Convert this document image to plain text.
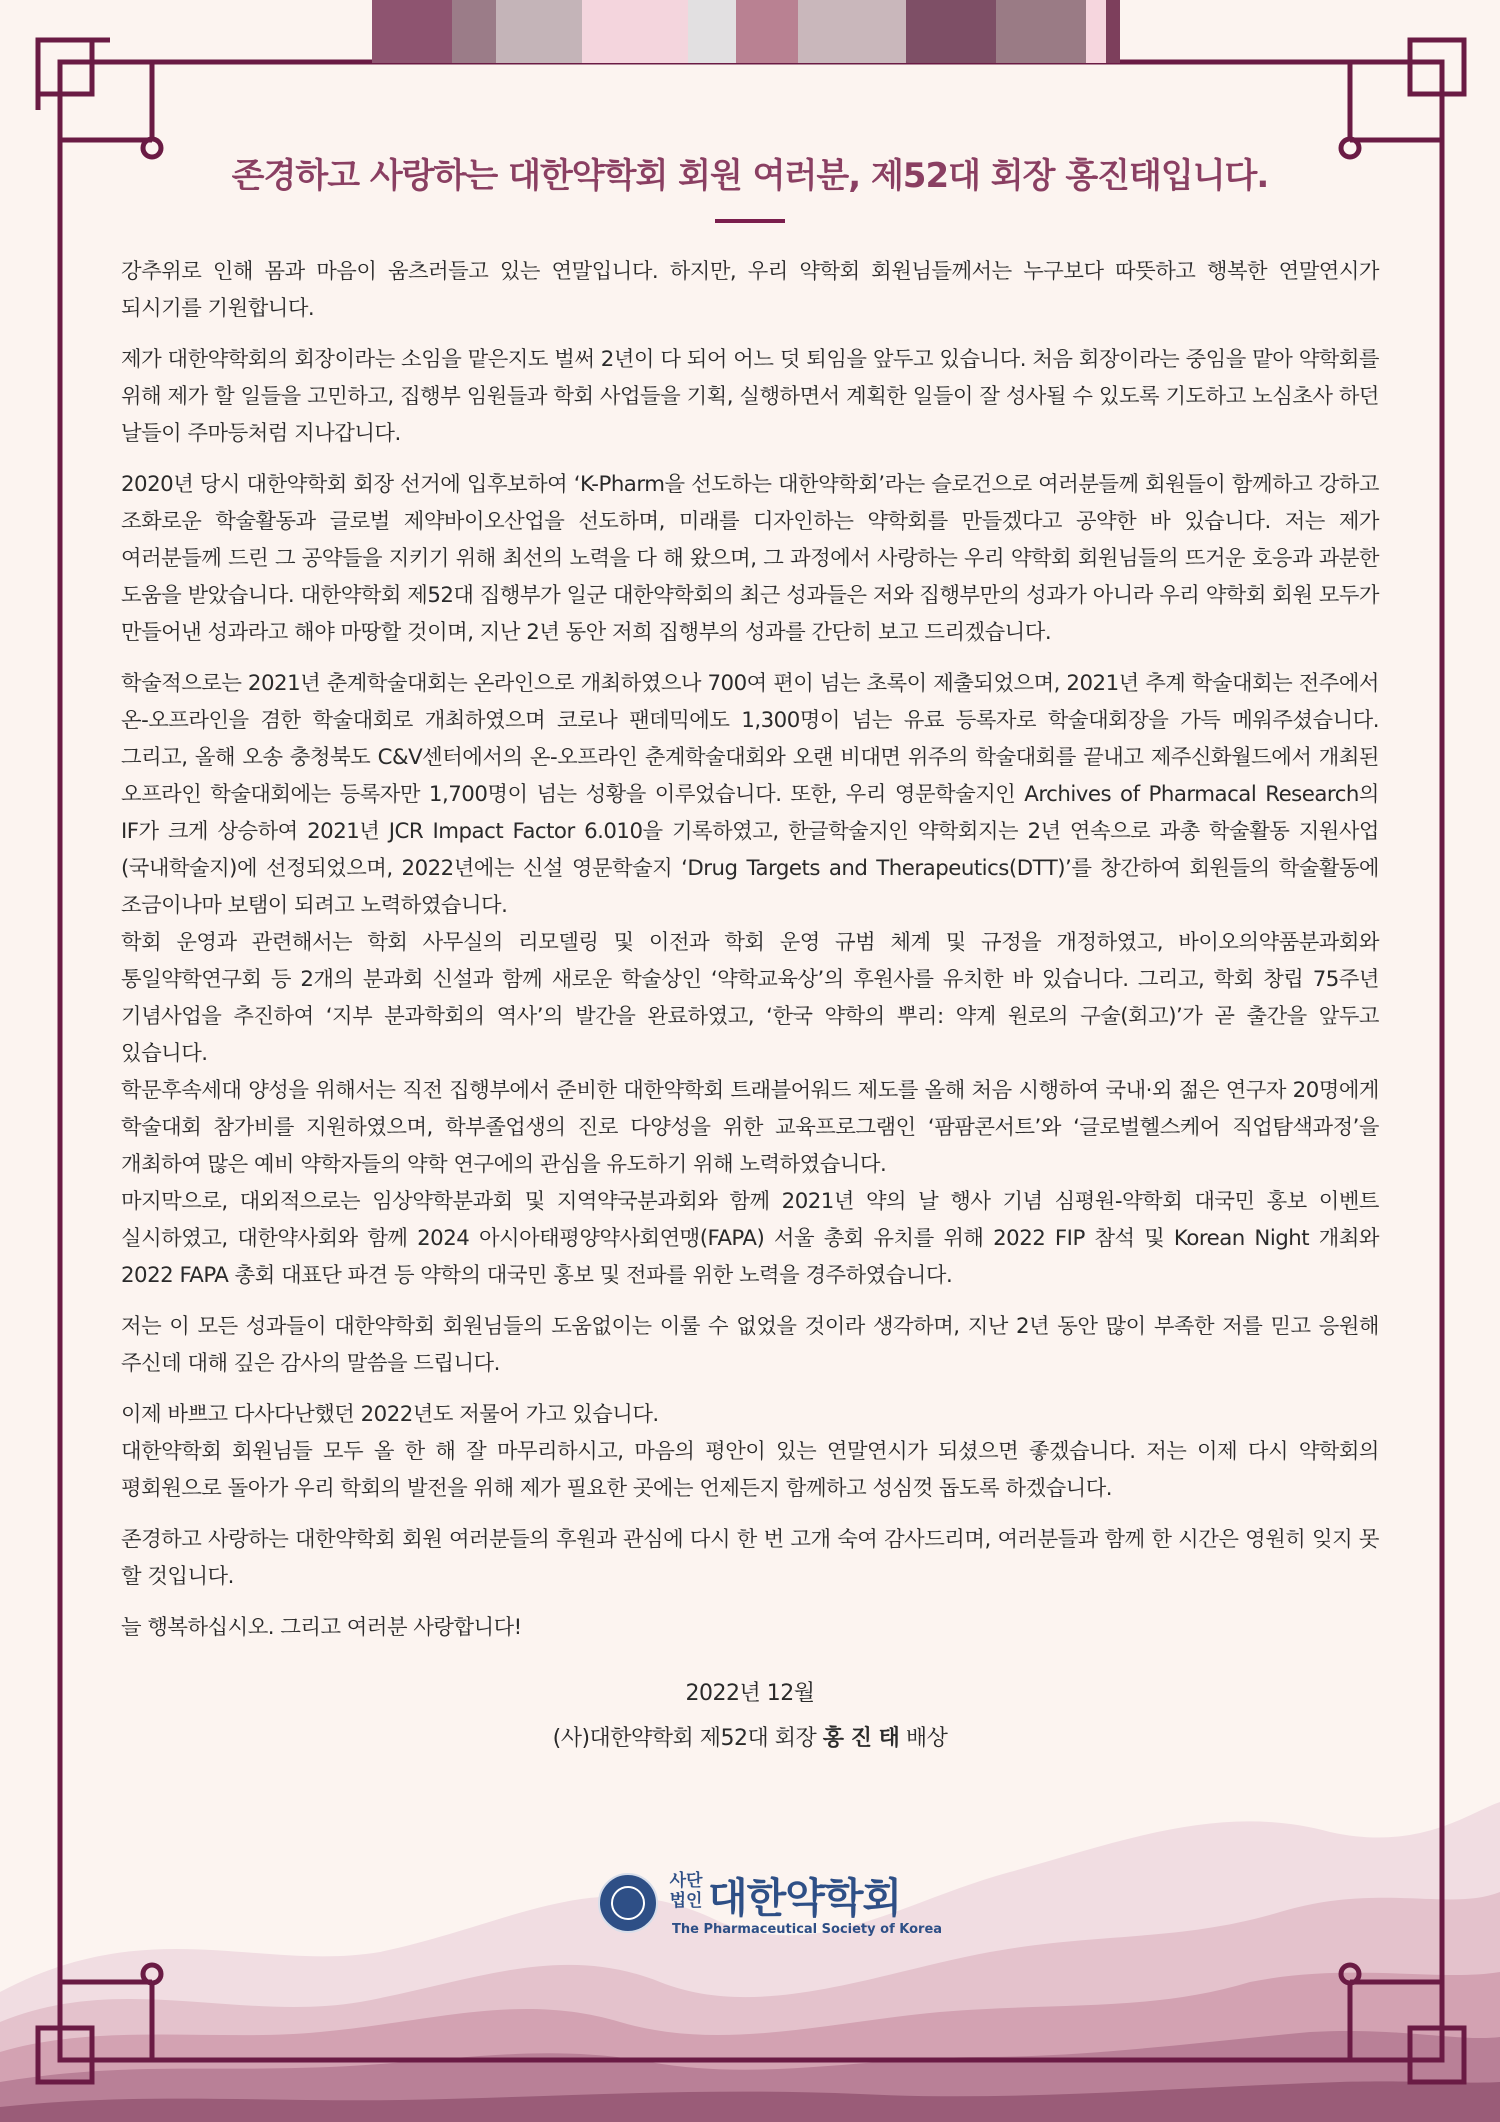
존경하고 사랑하는 대한약학회 회원 여러분, 제52대 회장 홍진태입니다.

강추위로 인해 몸과 마음이 움츠러들고 있는 연말입니다. 하지만, 우리 약학회 회원님들께서는 누구보다 따뜻하고 행복한 연말연시가 되시기를 기원합니다.

제가 대한약학회의 회장이라는 소임을 맡은지도 벌써 2년이 다 되어 어느 덧 퇴임을 앞두고 있습니다. 처음 회장이라는 중임을 맡아 약학회를 위해 제가 할 일들을 고민하고, 집행부 임원들과 학회 사업들을 기획, 실행하면서 계획한 일들이 잘 성사될 수 있도록 기도하고 노심초사 하던 날들이 주마등처럼 지나갑니다.

2020년 당시 대한약학회 회장 선거에 입후보하여 ‘K-Pharm을 선도하는 대한약학회’라는 슬로건으로 여러분들께 회원들이 함께하고 강하고 조화로운 학술활동과 글로벌 제약바이오산업을 선도하며, 미래를 디자인하는 약학회를 만들겠다고 공약한 바 있습니다. 저는 제가 여러분들께 드린 그 공약들을 지키기 위해 최선의 노력을 다 해 왔으며, 그 과정에서 사랑하는 우리 약학회 회원님들의 뜨거운 호응과 과분한 도움을 받았습니다. 대한약학회 제52대 집행부가 일군 대한약학회의 최근 성과들은 저와 집행부만의 성과가 아니라 우리 약학회 회원 모두가 만들어낸 성과라고 해야 마땅할 것이며, 지난 2년 동안 저희 집행부의 성과를 간단히 보고 드리겠습니다.

학술적으로는 2021년 춘계학술대회는 온라인으로 개최하였으나 700여 편이 넘는 초록이 제출되었으며, 2021년 추계 학술대회는 전주에서 온-오프라인을 겸한 학술대회로 개최하였으며 코로나 팬데믹에도 1,300명이 넘는 유료 등록자로 학술대회장을 가득 메워주셨습니다. 그리고, 올해 오송 충청북도 C&V센터에서의 온-오프라인 춘계학술대회와 오랜 비대면 위주의 학술대회를 끝내고 제주신화월드에서 개최된 오프라인 학술대회에는 등록자만 1,700명이 넘는 성황을 이루었습니다. 또한, 우리 영문학술지인 Archives of Pharmacal Research의 IF가 크게 상승하여 2021년 JCR Impact Factor 6.010을 기록하였고, 한글학술지인 약학회지는 2년 연속으로 과총 학술활동 지원사업(국내학술지)에 선정되었으며, 2022년에는 신설 영문학술지 ‘Drug Targets and Therapeutics(DTT)’를 창간하여 회원들의 학술활동에 조금이나마 보탬이 되려고 노력하였습니다.

학회 운영과 관련해서는 학회 사무실의 리모델링 및 이전과 학회 운영 규범 체계 및 규정을 개정하였고, 바이오의약품분과회와 통일약학연구회 등 2개의 분과회 신설과 함께 새로운 학술상인 ‘약학교육상’의 후원사를 유치한 바 있습니다. 그리고, 학회 창립 75주년 기념사업을 추진하여 ‘지부 분과학회의 역사’의 발간을 완료하였고, ‘한국 약학의 뿌리: 약계 원로의 구술(회고)’가 곧 출간을 앞두고 있습니다.

학문후속세대 양성을 위해서는 직전 집행부에서 준비한 대한약학회 트래블어워드 제도를 올해 처음 시행하여 국내·외 젊은 연구자 20명에게 학술대회 참가비를 지원하였으며, 학부졸업생의 진로 다양성을 위한 교육프로그램인 ‘팜팜콘서트’와 ‘글로벌헬스케어 직업탐색과정’을 개최하여 많은 예비 약학자들의 약학 연구에의 관심을 유도하기 위해 노력하였습니다.

마지막으로, 대외적으로는 임상약학분과회 및 지역약국분과회와 함께 2021년 약의 날 행사 기념 심평원-약학회 대국민 홍보 이벤트 실시하였고, 대한약사회와 함께 2024 아시아태평양약사회연맹(FAPA) 서울 총회 유치를 위해 2022 FIP 참석 및 Korean Night 개최와 2022 FAPA 총회 대표단 파견 등 약학의 대국민 홍보 및 전파를 위한 노력을 경주하였습니다.

저는 이 모든 성과들이 대한약학회 회원님들의 도움없이는 이룰 수 없었을 것이라 생각하며, 지난 2년 동안 많이 부족한 저를 믿고 응원해 주신데 대해 깊은 감사의 말씀을 드립니다.

이제 바쁘고 다사다난했던 2022년도 저물어 가고 있습니다.

대한약학회 회원님들 모두 올 한 해 잘 마무리하시고, 마음의 평안이 있는 연말연시가 되셨으면 좋겠습니다. 저는 이제 다시 약학회의 평회원으로 돌아가 우리 학회의 발전을 위해 제가 필요한 곳에는 언제든지 함께하고 성심껏 돕도록 하겠습니다.

존경하고 사랑하는 대한약학회 회원 여러분들의 후원과 관심에 다시 한 번 고개 숙여 감사드리며, 여러분들과 함께 한 시간은 영원히 잊지 못 할 것입니다.

늘 행복하십시오. 그리고 여러분 사랑합니다!

2022년 12월
(사)대한약학회 제52대 회장 홍 진 태 배상
사단
법인 대한약학회
The Pharmaceutical Society of Korea
